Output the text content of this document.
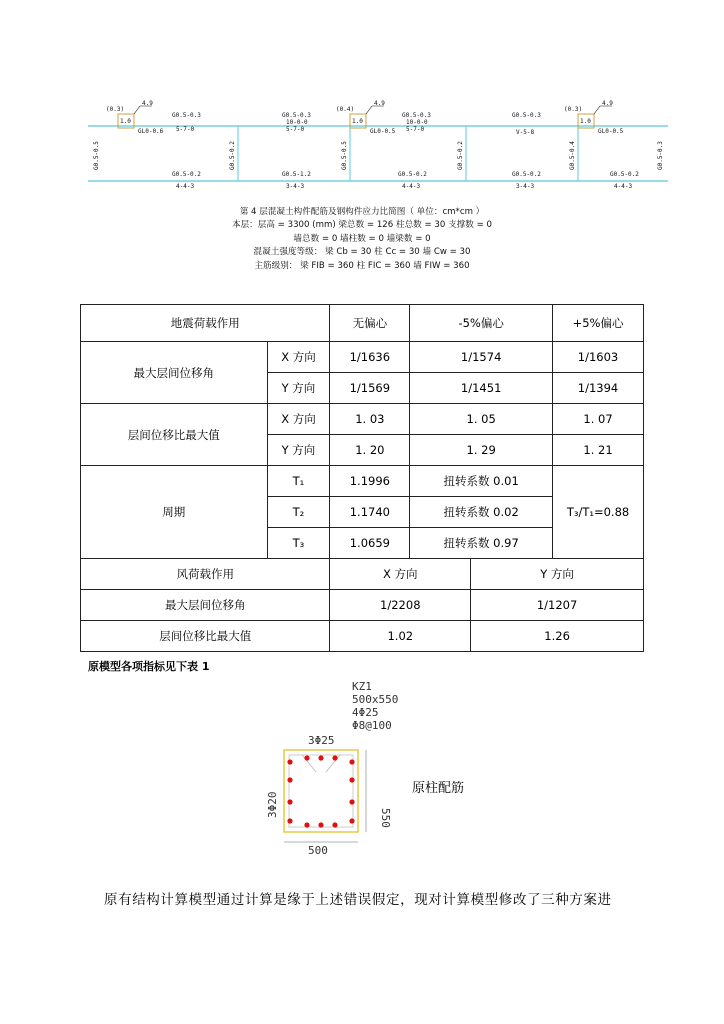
4.9	4.9	4.9
(0.3)	(0.4)	(0.3)
1.0	1.0	1.0
G0.5-0.3	G0.5-0.3	G0.5-0.3	G0.5-0.3
5-7-0	5-7-0	5-7-0	V-5-8
GL0-0.6	GL0-0.5	GL0-0.5
10-0-0	10-0-0
G0.5-0.2	G0.5-1.2	G0.5-0.2	G0.5-0.2	G0.5-0.2
4-4-3	3-4-3	4-4-3	3-4-3	4-4-3
G0.5-0.5	G0.5-0.2	G0.5-0.5	G0.5-0.2	G0.5-0.4	G0.5-0.3
第 4 层混凝土构件配筋及钢构件应力比简图（ 单位：cm*cm ）
本层：层高 = 3300 (mm) 梁总数 = 126 柱总数 = 30 支撑数 = 0
墙总数 = 0 墙柱数 = 0 墙梁数 = 0
混凝土强度等级： 梁 Cb = 30 柱 Cc = 30 墙 Cw = 30
主筋级别： 梁 FIB = 360 柱 FIC = 360 墙 FIW = 360
地震荷载作用		无偏心	-5%偏心		+5%偏心
最大层间位移角	X 方向	1/1636	1/1574		1/1603
	Y 方向	1/1569	1/1451		1/1394
层间位移比最大值	X 方向	1. 03	1. 05		1. 07
	Y 方向	1. 20	1. 29		1. 21
周期	T₁	1.1996	扭转系数 0.01		T₃/T₁=0.88
	T₂	1.1740	扭转系数 0.02		
	T₃	1.0659	扭转系数 0.97		
风荷载作用		X 方向		Y 方向	
最大层间位移角		1/2208		1/1207	
层间位移比最大值		1.02		1.26	
原模型各项指标见下表 1
KZ1
500x550
4Φ25
Φ8@100
3Φ25
3Φ20	550
500
原柱配筋
原有结构计算模型通过计算是缘于上述错误假定，现对计算模型修改了三种方案进
